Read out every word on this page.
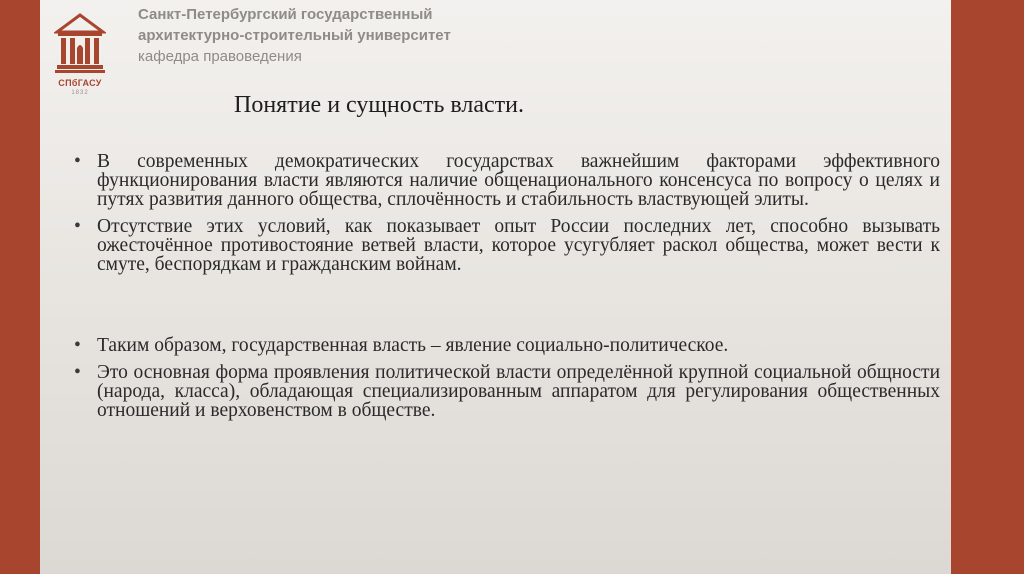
СПбГАСУ
1832
Санкт-Петербургский государственный
архитектурно-строительный университет
кафедра правоведения
Понятие и сущность власти.
• В современных демократических государствах важнейшим факторами эффективного функционирования власти являются наличие общенационального консенсуса по вопросу о целях и путях развития данного общества, сплочённость и стабильность властвующей элиты.
• Отсутствие этих условий, как показывает опыт России последних лет, способно вызывать ожесточённое противостояние ветвей власти, которое усугубляет раскол общества, может вести к смуте, беспорядкам и гражданским войнам.
• Таким образом, государственная власть – явление социально-политическое.
• Это основная форма проявления политической власти определённой крупной социальной общности (народа, класса), обладающая специализированным аппаратом для регулирования общественных отношений и верховенством в обществе.
